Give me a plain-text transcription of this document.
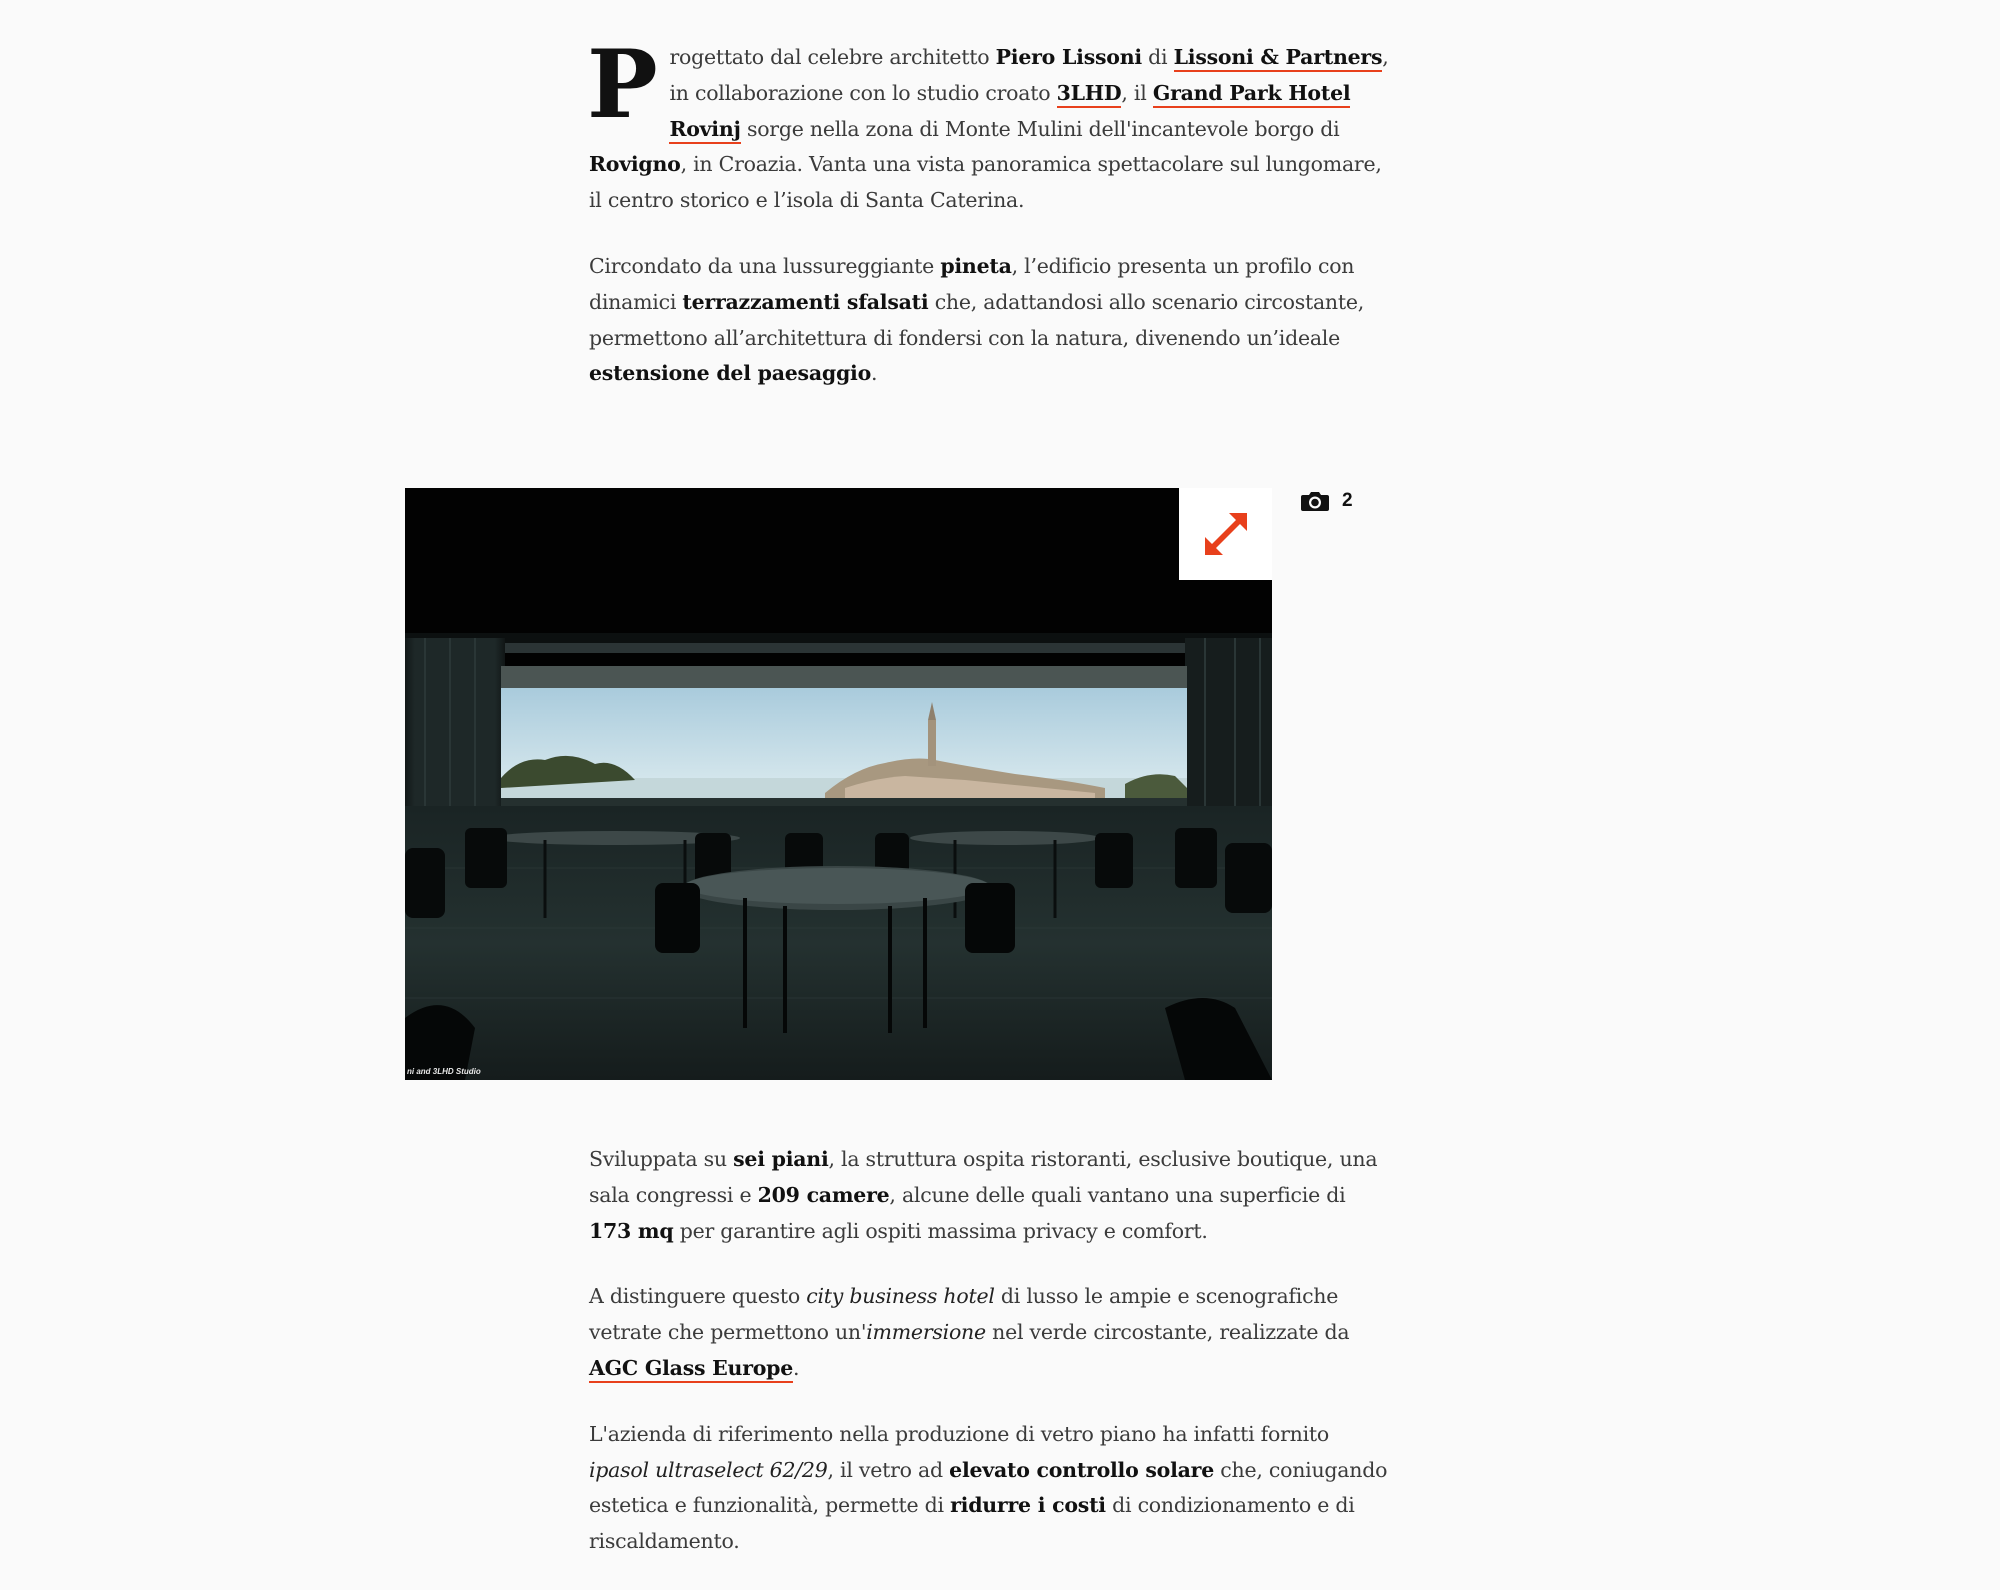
Progettato dal celebre architetto Piero Lissoni di Lissoni & Partners, in collaborazione con lo studio croato 3LHD, il Grand Park Hotel Rovinj sorge nella zona di Monte Mulini dell'incantevole borgo di Rovigno, in Croazia. Vanta una vista panoramica spettacolare sul lungomare, il centro storico e l’isola di Santa Caterina.

Circondato da una lussureggiante pineta, l’edificio presenta un profilo con dinamici terrazzamenti sfalsati che, adattandosi allo scenario circostante, permettono all’architettura di fondersi con la natura, divenendo un’ideale estensione del paesaggio.

ni and 3LHD Studio
2

Sviluppata su sei piani, la struttura ospita ristoranti, esclusive boutique, una sala congressi e 209 camere, alcune delle quali vantano una superficie di 173 mq per garantire agli ospiti massima privacy e comfort.

A distinguere questo city business hotel di lusso le ampie e scenografiche vetrate che permettono un'immersione nel verde circostante, realizzate da AGC Glass Europe.

L'azienda di riferimento nella produzione di vetro piano ha infatti fornito ipasol ultraselect 62/29, il vetro ad elevato controllo solare che, coniugando estetica e funzionalità, permette di ridurre i costi di condizionamento e di riscaldamento.
